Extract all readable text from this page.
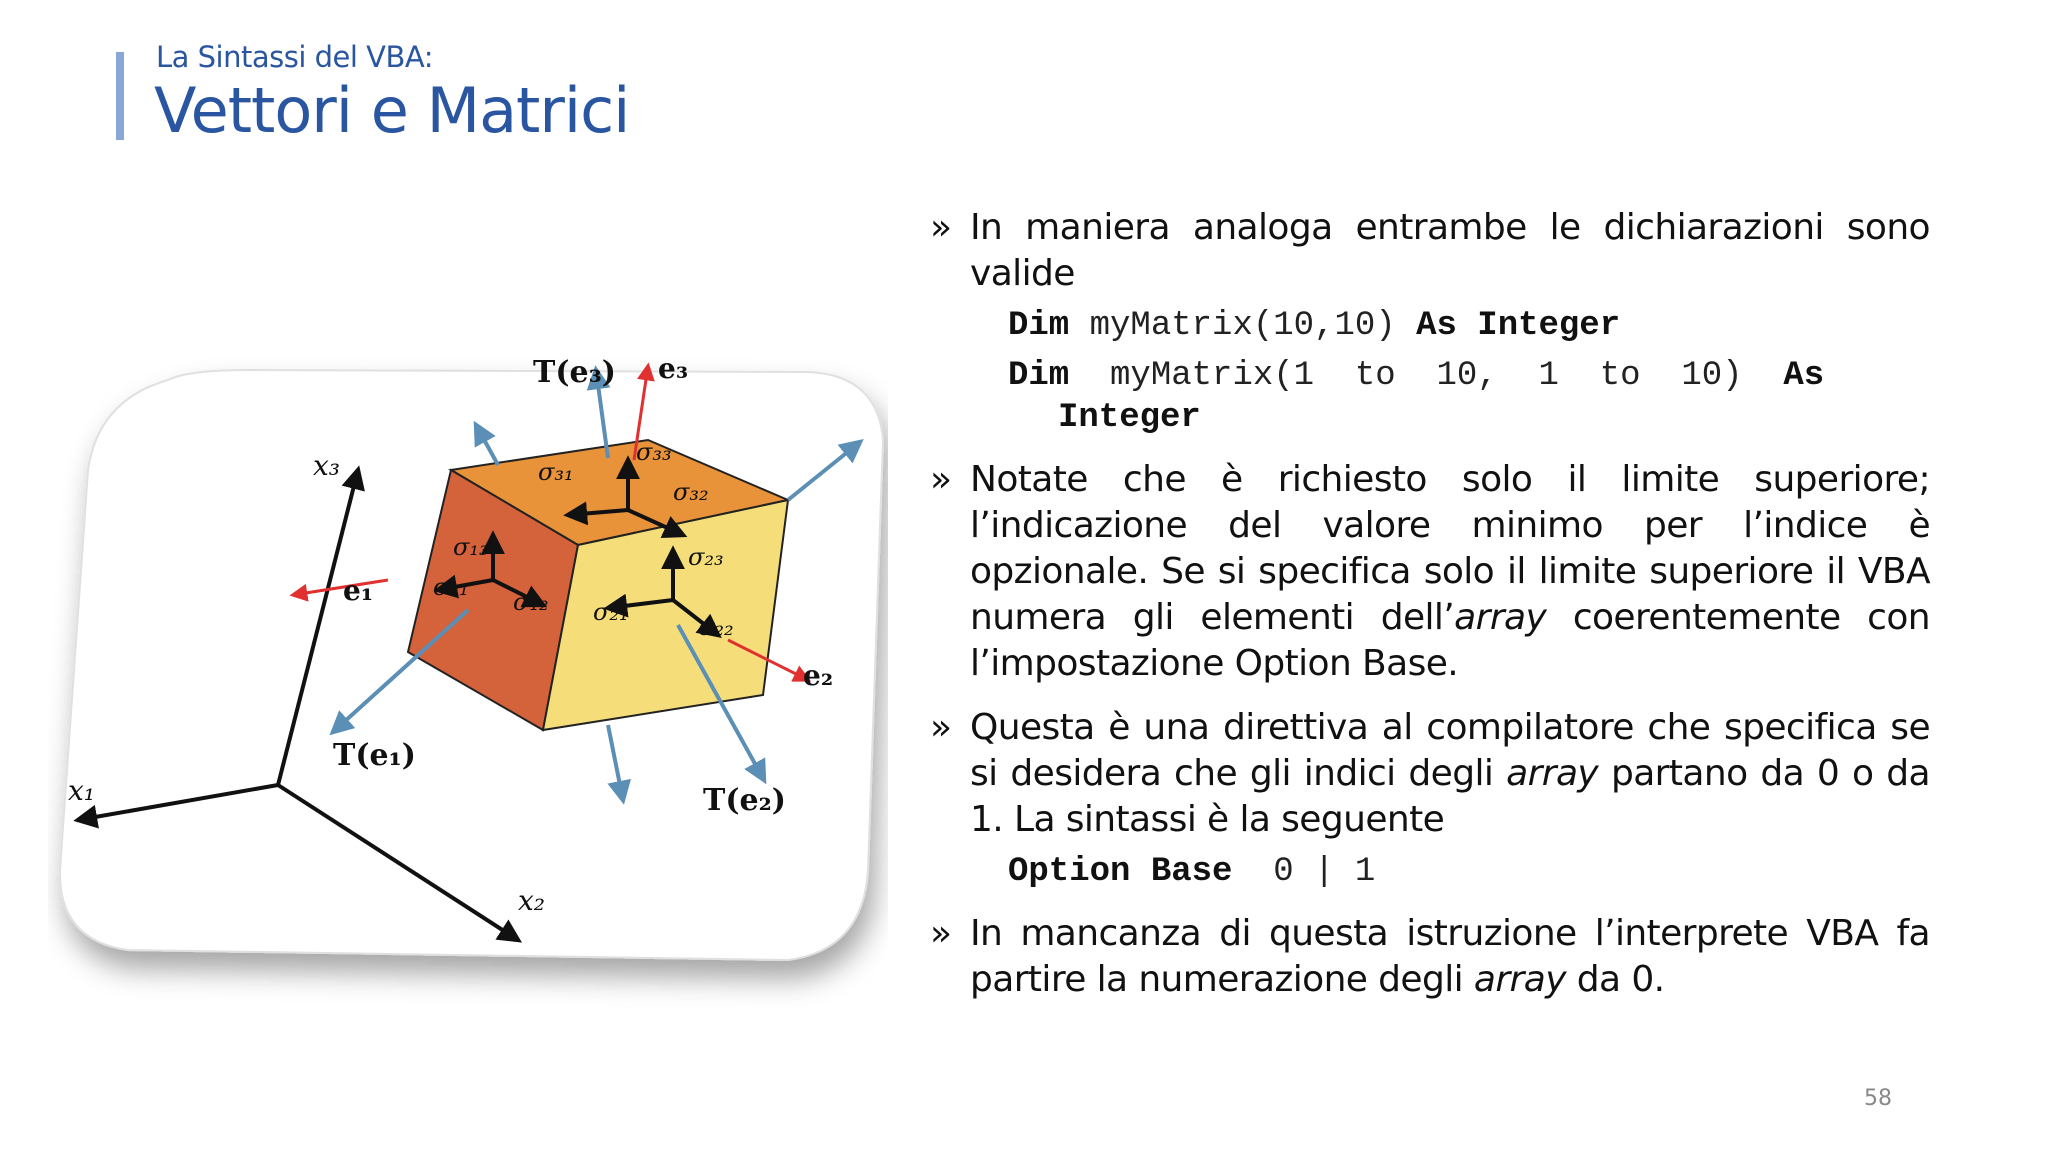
La Sintassi del VBA:
Vettori e Matrici
T(e₃) e₃
x₃
e₁
T(e₁)
x₁
x₂
e₂
T(e₂)
σ₃₁
σ₃₃
σ₃₂
σ₁₃
σ₁₁
σ₁₂
σ₂₃
σ₂₁
σ₂₂
» In maniera analoga entrambe le dichiarazioni sono valide
Dim myMatrix(10,10) As Integer
Dim  myMatrix(1  to  10,  1  to  10)  As
Integer
» Notate che è richiesto solo il limite superiore; l’indicazione del valore minimo per l’indice è opzionale. Se si specifica solo il limite superiore il VBA numera gli elementi dell’array coerentemente con l’impostazione Option Base.
» Questa è una direttiva al compilatore che specifica se si desidera che gli indici degli array partano da 0 o da 1. La sintassi è la seguente
Option Base  0 | 1
» In mancanza di questa istruzione l’interprete VBA fa partire la numerazione degli array da 0.
58
